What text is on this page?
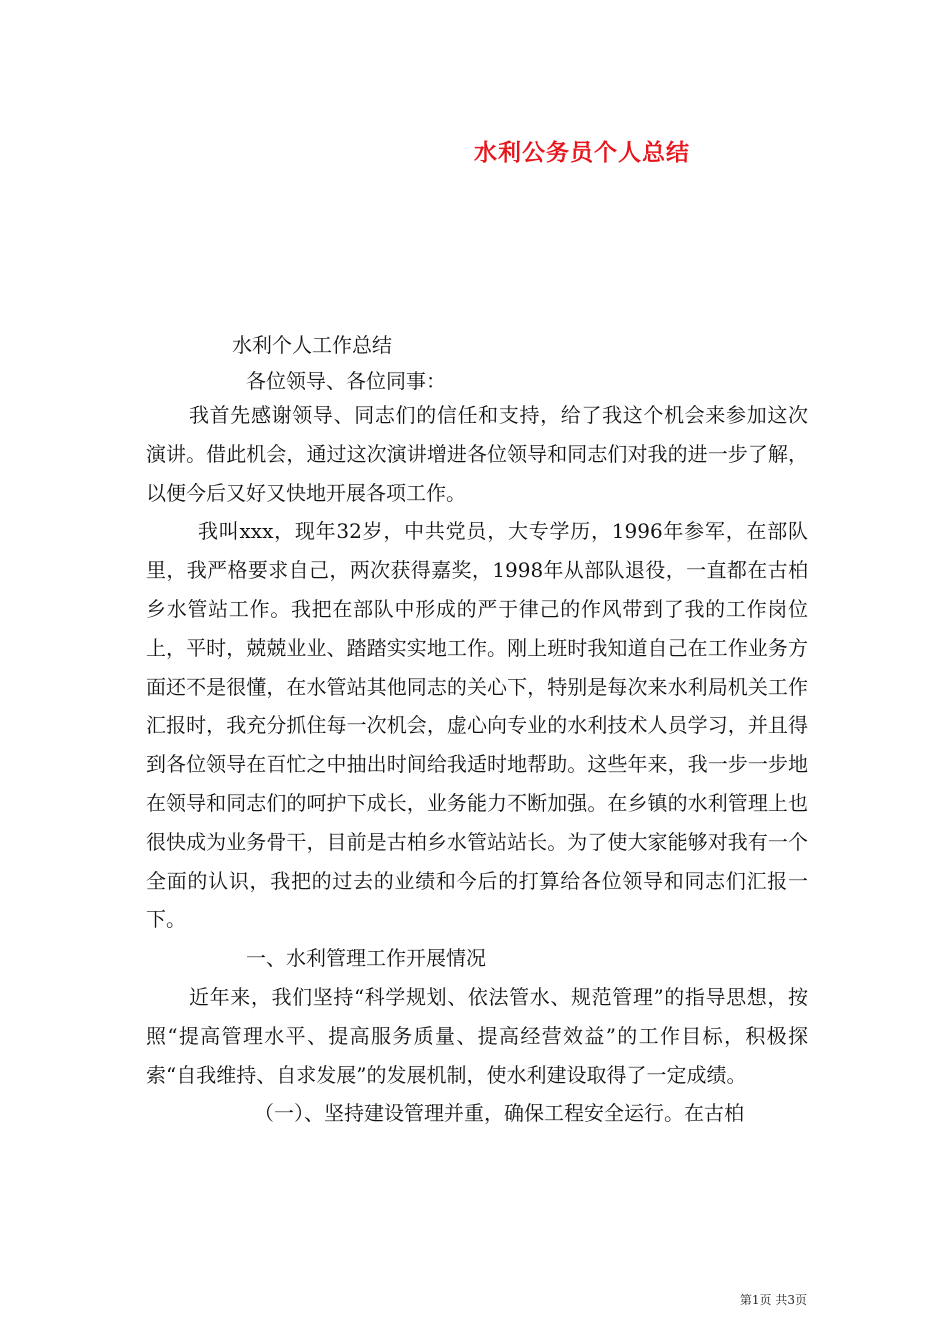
水利公务员个人总结
水利个人工作总结
各位领导、各位同事：

我首先感谢领导、同志们的信任和支持，给了我这个机会来参加这次演讲。借此机会，通过这次演讲增进各位领导和同志们对我的进一步了解，以便今后又好又快地开展各项工作。

我叫xxx，现年32岁，中共党员，大专学历，1996年参军，在部队里，我严格要求自己，两次获得嘉奖，1998年从部队退役，一直都在古柏乡水管站工作。我把在部队中形成的严于律己的作风带到了我的工作岗位上，平时，兢兢业业、踏踏实实地工作。刚上班时我知道自己在工作业务方面还不是很懂，在水管站其他同志的关心下，特别是每次来水利局机关工作汇报时，我充分抓住每一次机会，虚心向专业的水利技术人员学习，并且得到各位领导在百忙之中抽出时间给我适时地帮助。这些年来，我一步一步地在领导和同志们的呵护下成长，业务能力不断加强。在乡镇的水利管理上也很快成为业务骨干，目前是古柏乡水管站站长。为了使大家能够对我有一个全面的认识，我把的过去的业绩和今后的打算给各位领导和同志们汇报一下。

一、水利管理工作开展情况

近年来，我们坚持“科学规划、依法管水、规范管理”的指导思想，按照“提高管理水平、提高服务质量、提高经营效益”的工作目标，积极探索“自我维持、自求发展”的发展机制，使水利建设取得了一定成绩。

（一）、坚持建设管理并重，确保工程安全运行。在古柏

第1页 共3页
